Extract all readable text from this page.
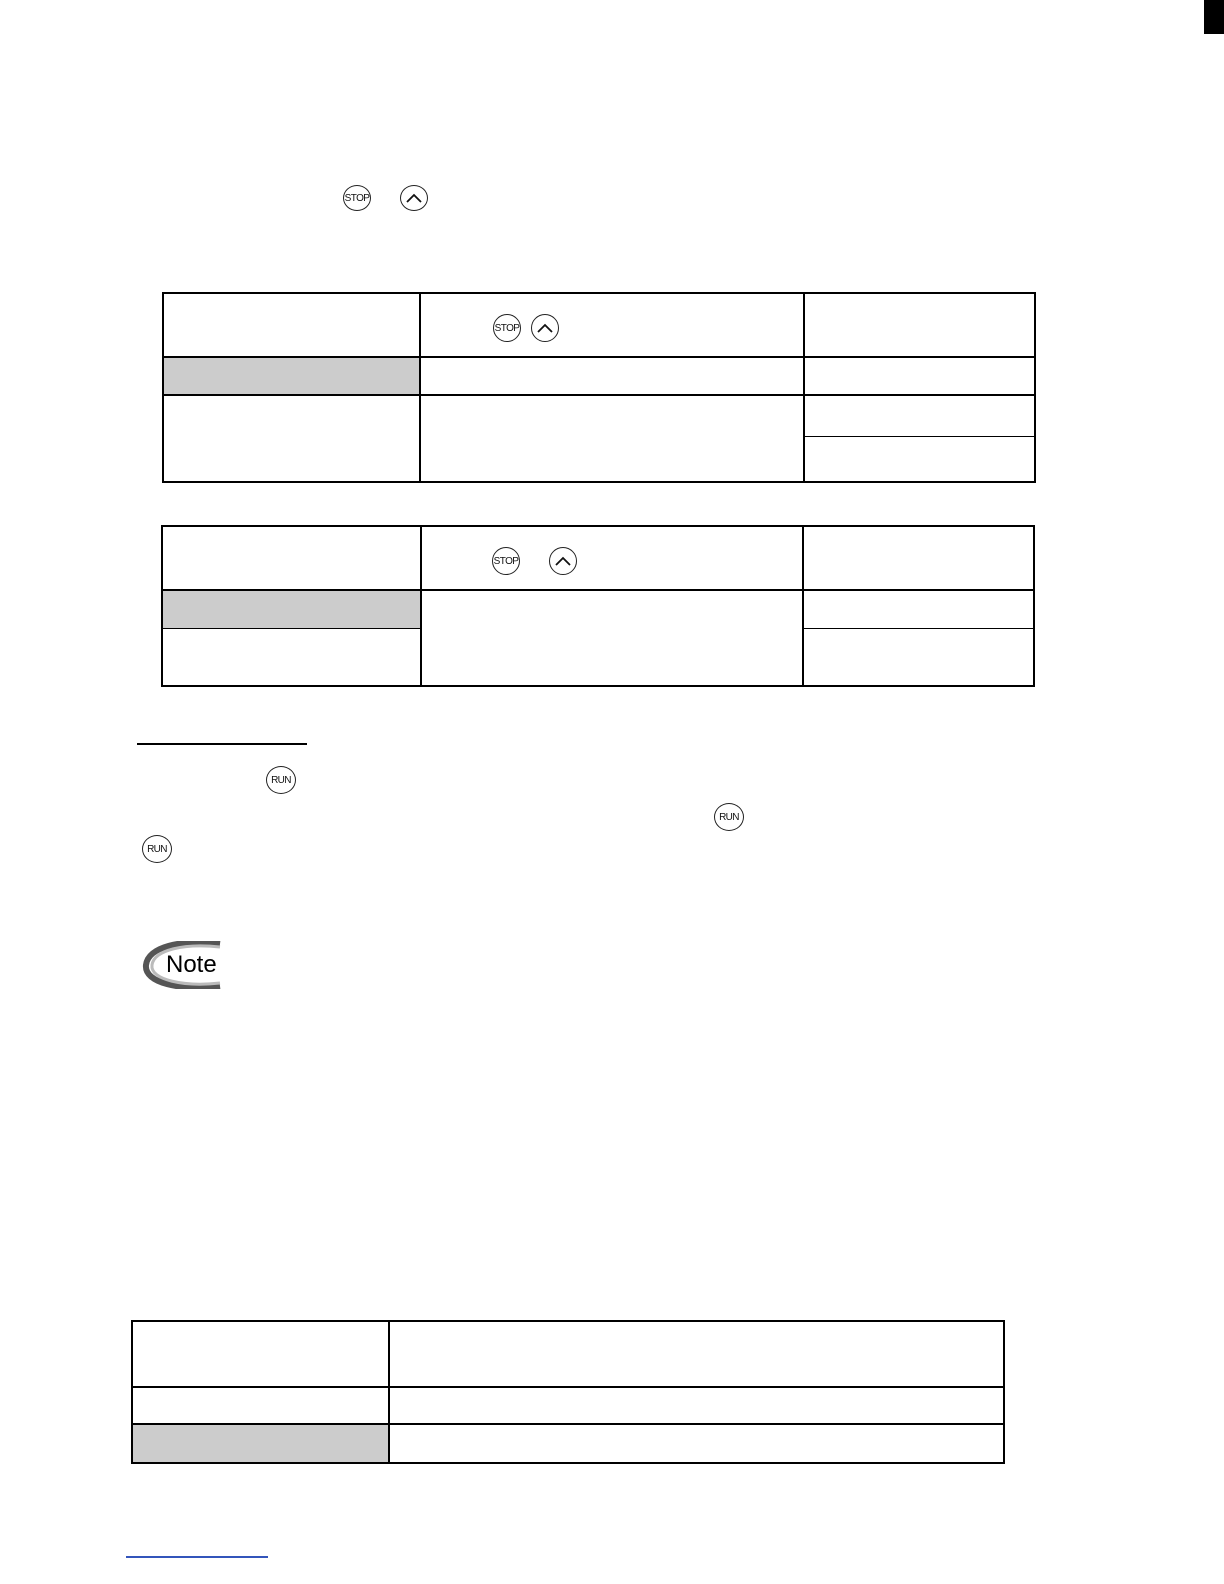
STOP

	STOP	

	STOP	

RUN
RUN
RUN
Note
